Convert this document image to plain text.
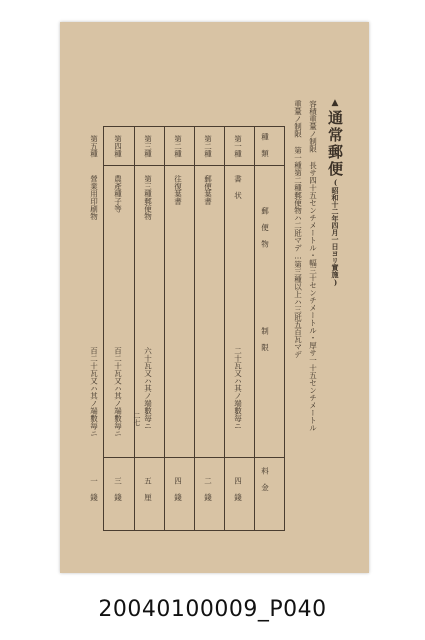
▲通常郵便(昭和十二年四月一日ヨリ實施)
容積重量ノ制限 長サ四十五センチメートル・幅三十センチメートル・厚サ一十五センチメートル
重量ノ制限 第一種第二種郵便物ハ二瓩マデ…第三種以上ハ三瓩五百瓦マデ
種 類
郵 便 物
制 限
料 金
第一種
書 状
二十瓦又ハ其ノ端數毎ニ
四 錢
第二種
郵便葉書
二 錢
第二種
往復葉書
四 錢
第三種
第三種郵便物
六十瓦又ハ其ノ端數毎ニ
五 厘
第四種
農產種子等
百二十瓦又ハ其ノ端數毎ニ
三 錢
第五種
營業用印刷物
百二十瓦又ハ其ノ端數毎ニ
一 錢
二七
20040100009_P040
